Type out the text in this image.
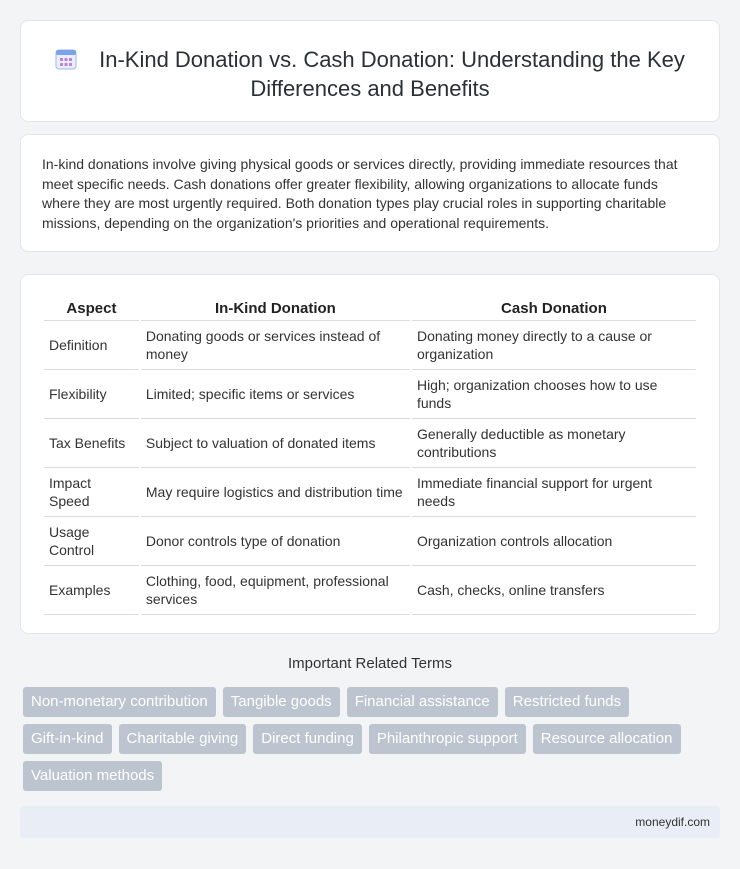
In-Kind Donation vs. Cash Donation: Understanding the Key Differences and Benefits

In-kind donations involve giving physical goods or services directly, providing immediate resources that meet specific needs. Cash donations offer greater flexibility, allowing organizations to allocate funds where they are most urgently required. Both donation types play crucial roles in supporting charitable missions, depending on the organization's priorities and operational requirements.

Aspect	In-Kind Donation	Cash Donation
Definition	Donating goods or services instead of money	Donating money directly to a cause or organization
Flexibility	Limited; specific items or services	High; organization chooses how to use funds
Tax Benefits	Subject to valuation of donated items	Generally deductible as monetary contributions
Impact Speed	May require logistics and distribution time	Immediate financial support for urgent needs
Usage Control	Donor controls type of donation	Organization controls allocation
Examples	Clothing, food, equipment, professional services	Cash, checks, online transfers
Important Related Terms
Non-monetary contribution	Tangible goods	Financial assistance	Restricted funds
Gift-in-kind	Charitable giving	Direct funding	Philanthropic support	Resource allocation
Valuation methods
moneydif.com
